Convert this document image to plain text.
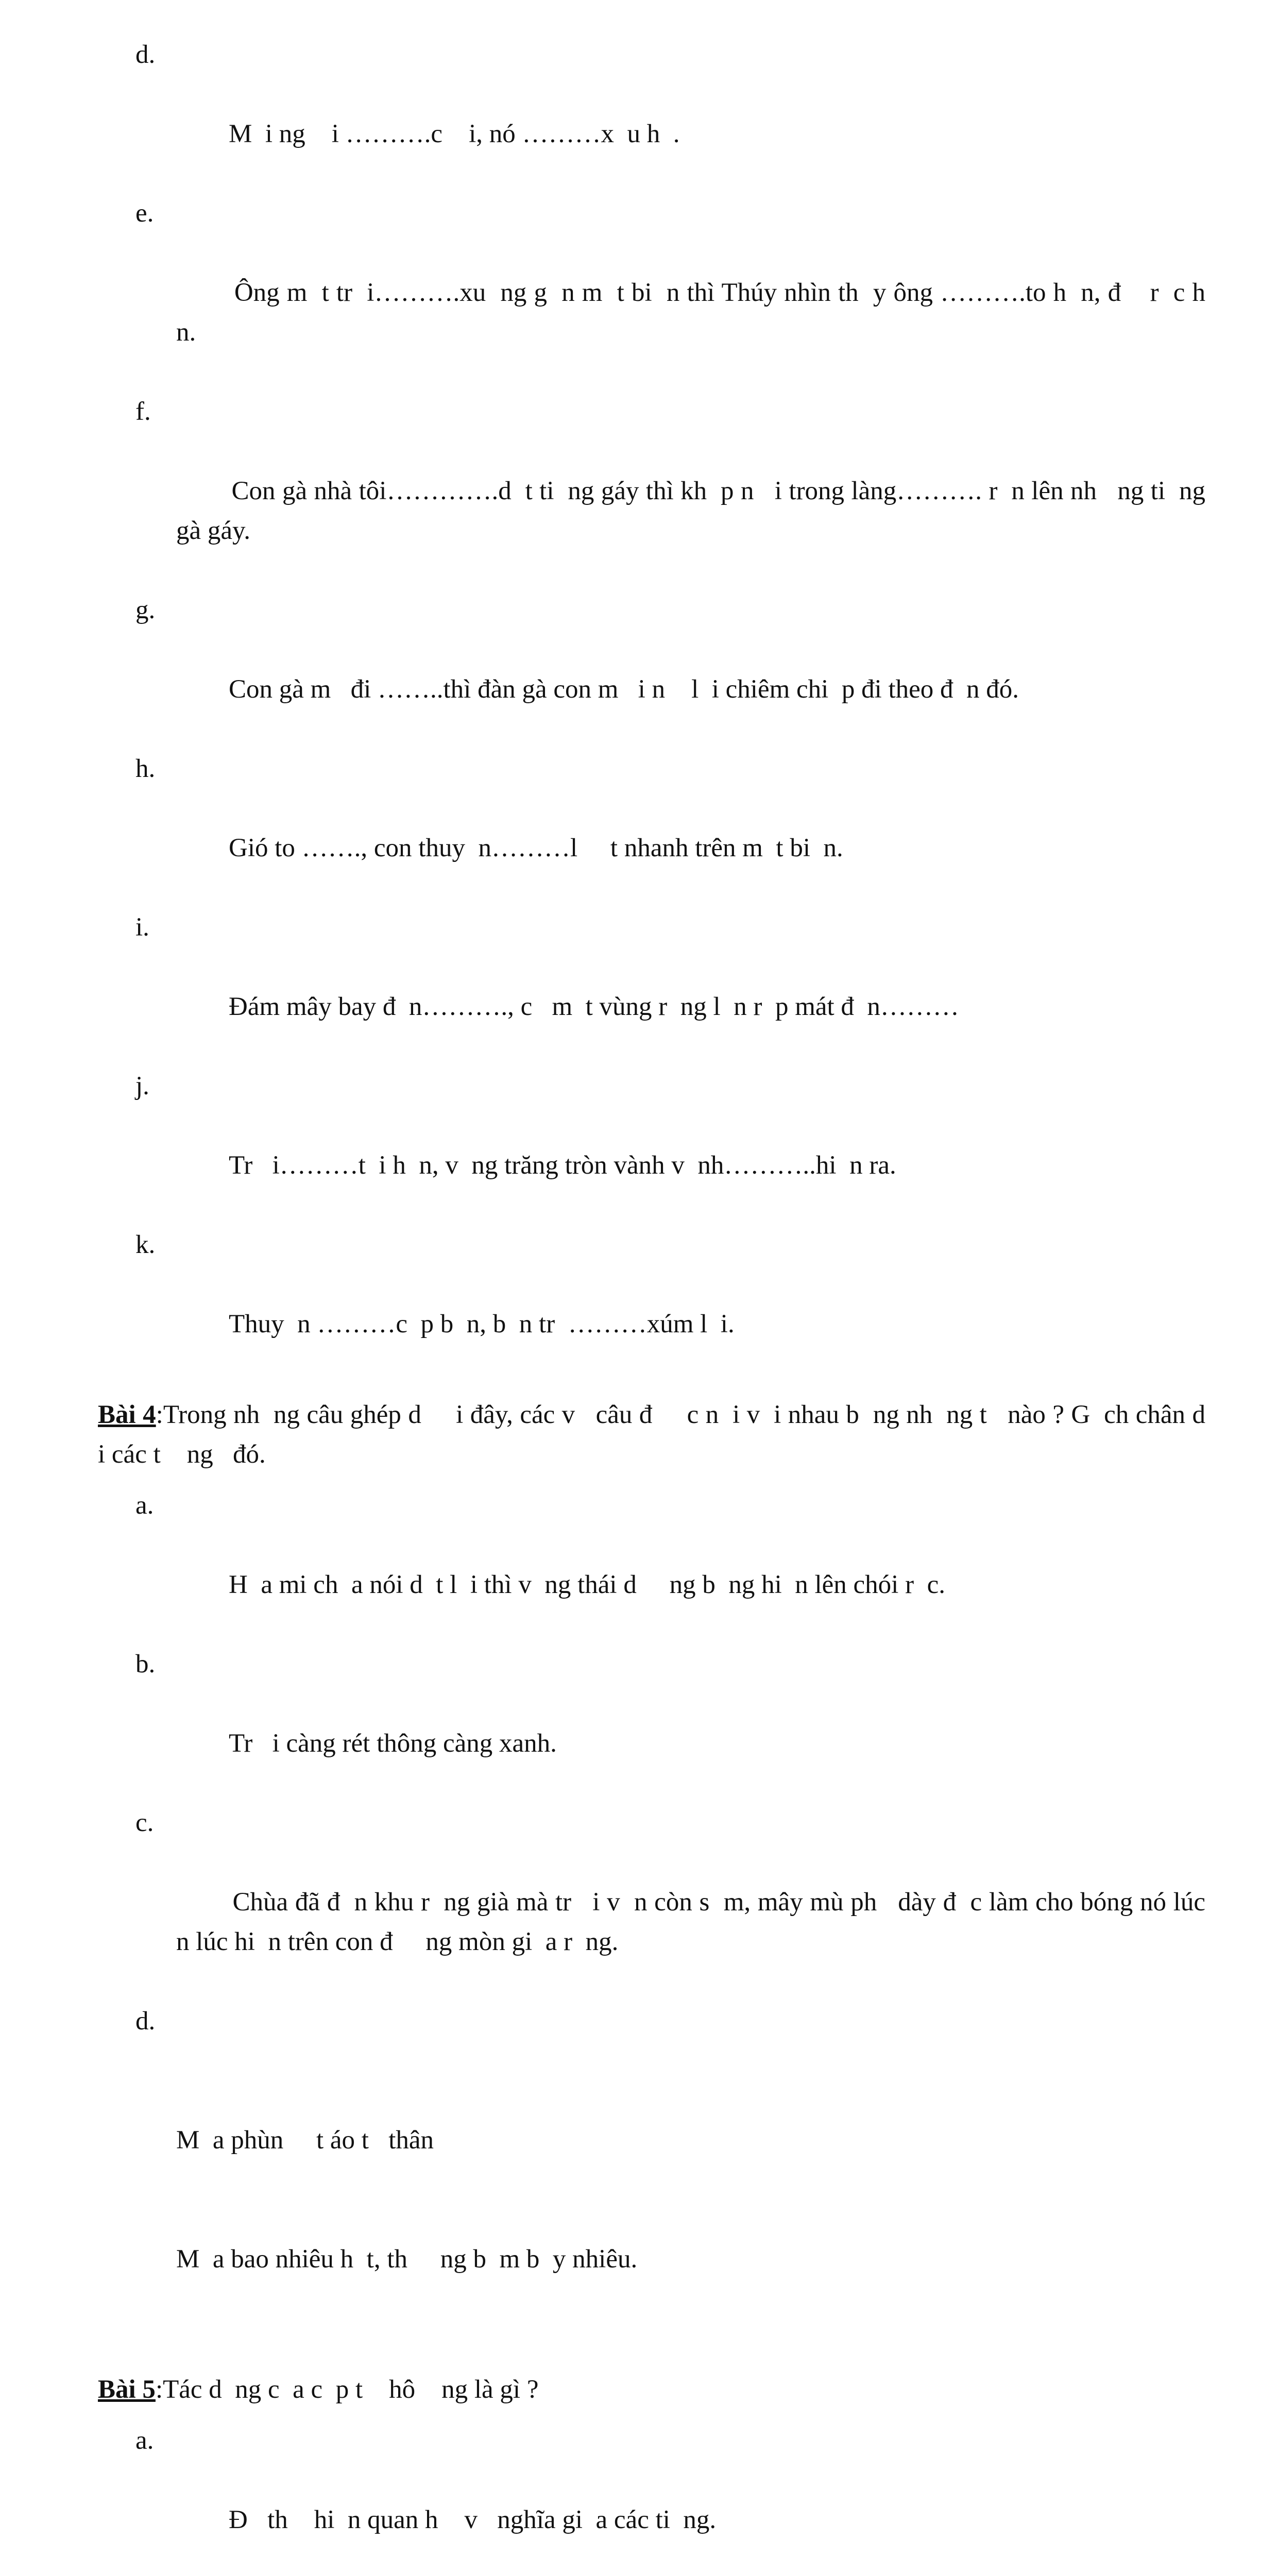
d.

M  i ng    i ……….c    i, nó ………x  u h  .

e.

Ông m  t tr  i……….xu  ng g  n m  t bi  n thì Thúy nhìn th  y ông ……….to h  n, đ    r  c h  n.

f.

Con gà nhà tôi………….d  t ti  ng gáy thì kh  p n   i trong làng………. r  n lên nh   ng ti  ng gà gáy.

g.

Con gà m   đi ……..thì đàn gà con m   i n    l  i chiêm chi  p đi theo đ  n đó.

h.

Gió to ……., con thuy  n………l     t nhanh trên m  t bi  n.

i.

Đám mây bay đ  n………., c   m  t vùng r  ng l  n r  p mát đ  n………

j.

Tr   i………t  i h  n, v  ng trăng tròn vành v  nh………..hi  n ra.

k.

Thuy  n ………c  p b  n, b  n tr  ………xúm l  i.

Bài 4:Trong nh  ng câu ghép d     i đây, các v   câu đ     c n  i v  i nhau b  ng nh  ng t   nào ? G  ch chân d     i các t    ng   đó.

a.

H  a mi ch  a nói d  t l  i thì v  ng thái d     ng b  ng hi  n lên chói r  c.

b.

Tr   i càng rét thông càng xanh.

c.

Chùa đã đ  n khu r  ng già mà tr   i v  n còn s  m, mây mù ph   dày đ  c làm cho bóng nó lúc   n lúc hi  n trên con đ     ng mòn gi  a r  ng.

d.

M  a phùn     t áo t   thân

M  a bao nhiêu h  t, th     ng b  m b  y nhiêu.

Bài 5:Tác d  ng c  a c  p t    hô    ng là gì ?

a.

Đ   th    hi  n quan h    v   nghĩa gi  a các ti  ng.
